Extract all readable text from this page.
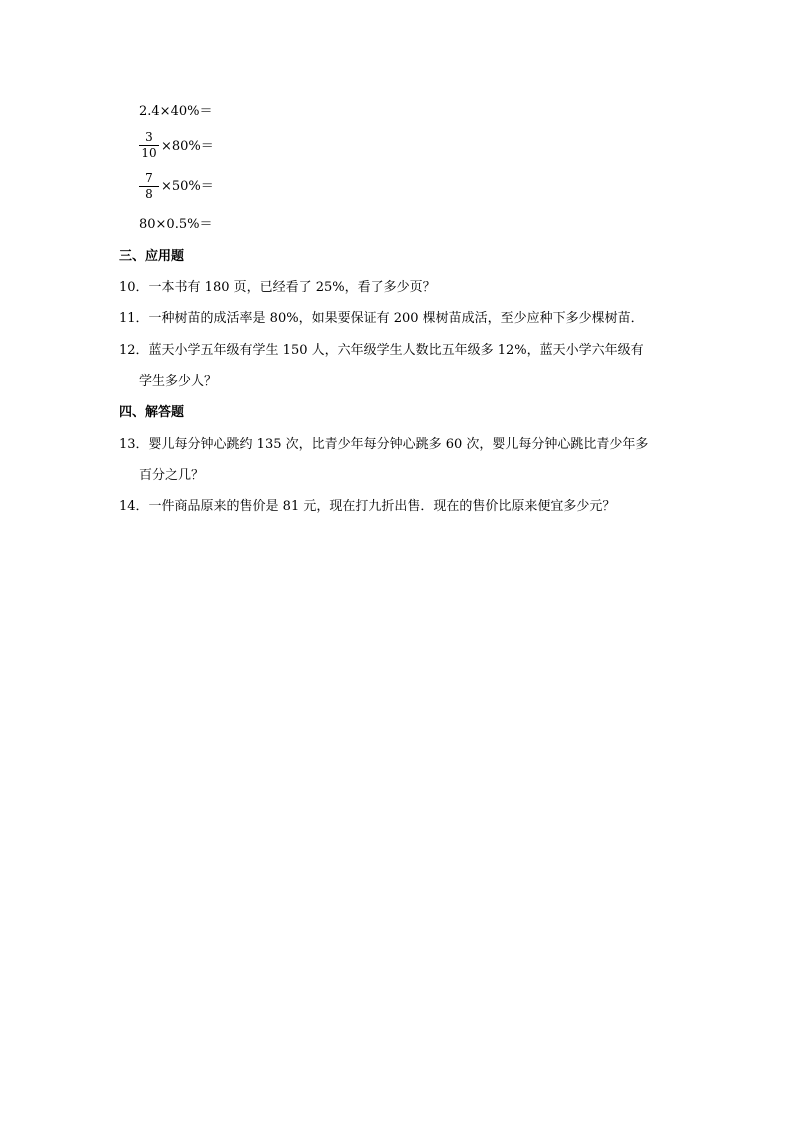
2.4×40%＝
3
10 ×80%＝
7
8 ×50%＝
80×0.5%＝
三、应用题
10．一本书有 180 页，已经看了 25%，看了多少页？
11．一种树苗的成活率是 80%，如果要保证有 200 棵树苗成活，至少应种下多少棵树苗．
12．蓝天小学五年级有学生 150 人，六年级学生人数比五年级多 12%，蓝天小学六年级有
学生多少人？
四、解答题
13．婴儿每分钟心跳约 135 次，比青少年每分钟心跳多 60 次，婴儿每分钟心跳比青少年多
百分之几？
14．一件商品原来的售价是 81 元，现在打九折出售．现在的售价比原来便宜多少元？
